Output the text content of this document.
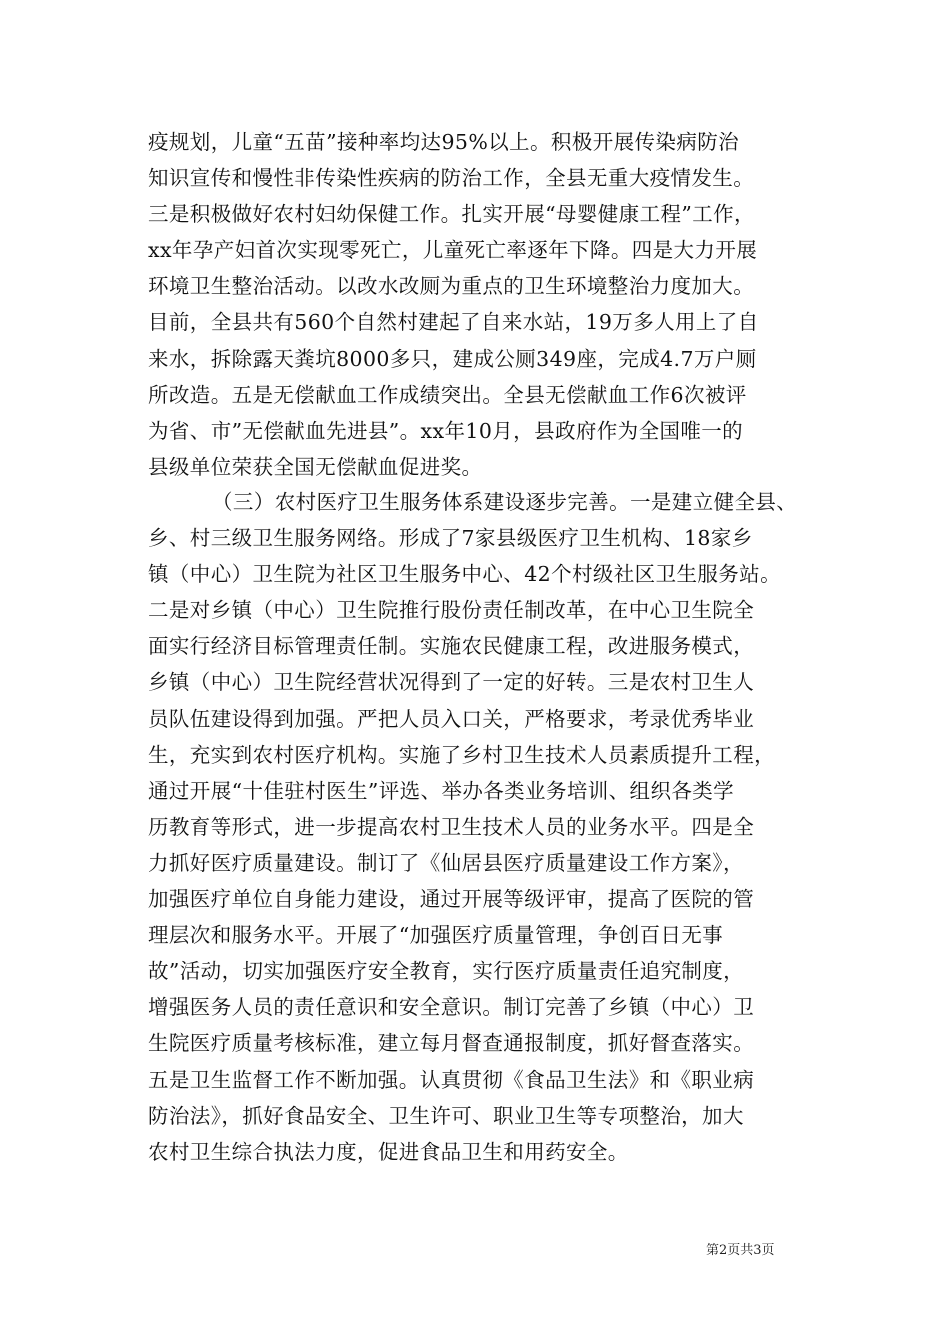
疫规划，儿童“五苗”接种率均达95%以上。积极开展传染病防治
知识宣传和慢性非传染性疾病的防治工作，全县无重大疫情发生。
三是积极做好农村妇幼保健工作。扎实开展“母婴健康工程”工作，
xx年孕产妇首次实现零死亡，儿童死亡率逐年下降。四是大力开展
环境卫生整治活动。以改水改厕为重点的卫生环境整治力度加大。
目前，全县共有560个自然村建起了自来水站，19万多人用上了自
来水，拆除露天粪坑8000多只，建成公厕349座，完成4.7万户厕
所改造。五是无偿献血工作成绩突出。全县无偿献血工作6次被评
为省、市”无偿献血先进县”。xx年10月，县政府作为全国唯一的
县级单位荣获全国无偿献血促进奖。

（三）农村医疗卫生服务体系建设逐步完善。一是建立健全县、
乡、村三级卫生服务网络。形成了7家县级医疗卫生机构、18家乡
镇（中心）卫生院为社区卫生服务中心、42个村级社区卫生服务站。
二是对乡镇（中心）卫生院推行股份责任制改革，在中心卫生院全
面实行经济目标管理责任制。实施农民健康工程，改进服务模式，
乡镇（中心）卫生院经营状况得到了一定的好转。三是农村卫生人
员队伍建设得到加强。严把人员入口关，严格要求，考录优秀毕业
生，充实到农村医疗机构。实施了乡村卫生技术人员素质提升工程，
通过开展“十佳驻村医生”评选、举办各类业务培训、组织各类学
历教育等形式，进一步提高农村卫生技术人员的业务水平。四是全
力抓好医疗质量建设。制订了《仙居县医疗质量建设工作方案》，
加强医疗单位自身能力建设，通过开展等级评审，提高了医院的管
理层次和服务水平。开展了“加强医疗质量管理，争创百日无事
故”活动，切实加强医疗安全教育，实行医疗质量责任追究制度，
增强医务人员的责任意识和安全意识。制订完善了乡镇（中心）卫
生院医疗质量考核标准，建立每月督查通报制度，抓好督查落实。
五是卫生监督工作不断加强。认真贯彻《食品卫生法》和《职业病
防治法》，抓好食品安全、卫生许可、职业卫生等专项整治，加大
农村卫生综合执法力度，促进食品卫生和用药安全。

第2页共3页
